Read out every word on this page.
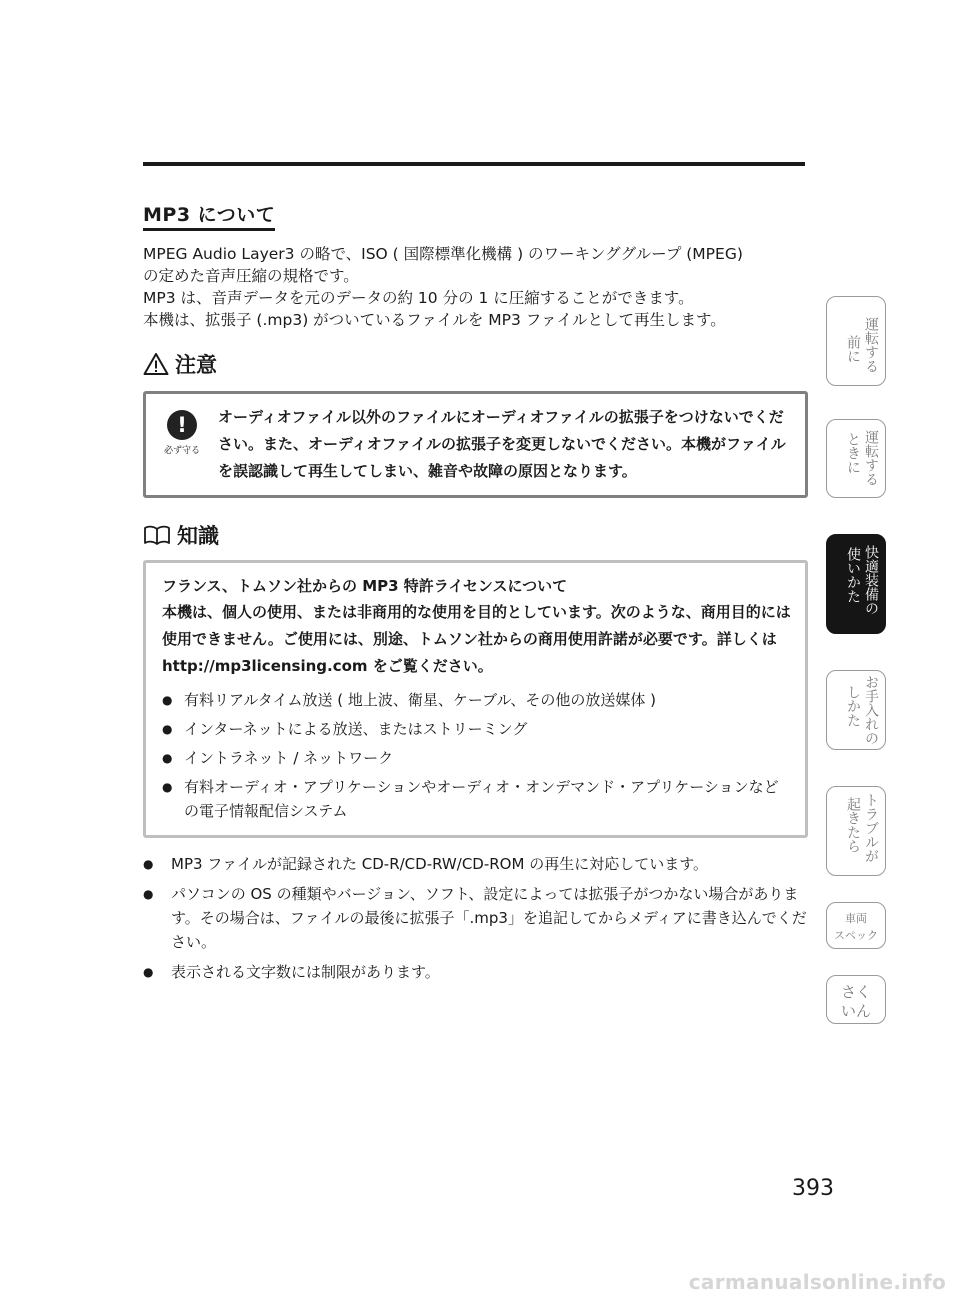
MP3 について

MPEG Audio Layer3 の略で、ISO ( 国際標準化機構 ) のワーキンググループ (MPEG)

の定めた音声圧縮の規格です。

MP3 は、音声データを元のデータの約 10 分の 1 に圧縮することができます。

本機は、拡張子 (.mp3) がついているファイルを MP3 ファイルとして再生します。

注意
!
必ず守る
オーディオファイル以外のファイルにオーディオファイルの拡張子をつけないでください。また、オーディオファイルの拡張子を変更しないでください。本機がファイルを誤認識して再生してしまい、雑音や故障の原因となります。
知識
フランス、トムソン社からの MP3 特許ライセンスについて
本機は、個人の使用、または非商用的な使用を目的としています。次のような、商用目的には使用できません。ご使用には、別途、トムソン社からの商用使用許諾が必要です。詳しくは http://mp3licensing.com をご覧ください。
● 有料リアルタイム放送 ( 地上波、衛星、ケーブル、その他の放送媒体 )
● インターネットによる放送、またはストリーミング
● イントラネット / ネットワーク
● 有料オーディオ・アプリケーションやオーディオ・オンデマンド・アプリケーションなどの電子情報配信システム
● MP3 ファイルが記録された CD-R/CD-RW/CD-ROM の再生に対応しています。
● パソコンの OS の種類やバージョン、ソフト、設定によっては拡張子がつかない場合があります。その場合は、ファイルの最後に拡張子「.mp3」を追記してからメディアに書き込んでください。
● 表示される文字数には制限があります。
運転する
前に
運転する
ときに
快適装備の
使いかた
お手入れの
しかた
トラブルが
起きたら
車両
スペック
さく
いん
393
carmanualsonline.info
